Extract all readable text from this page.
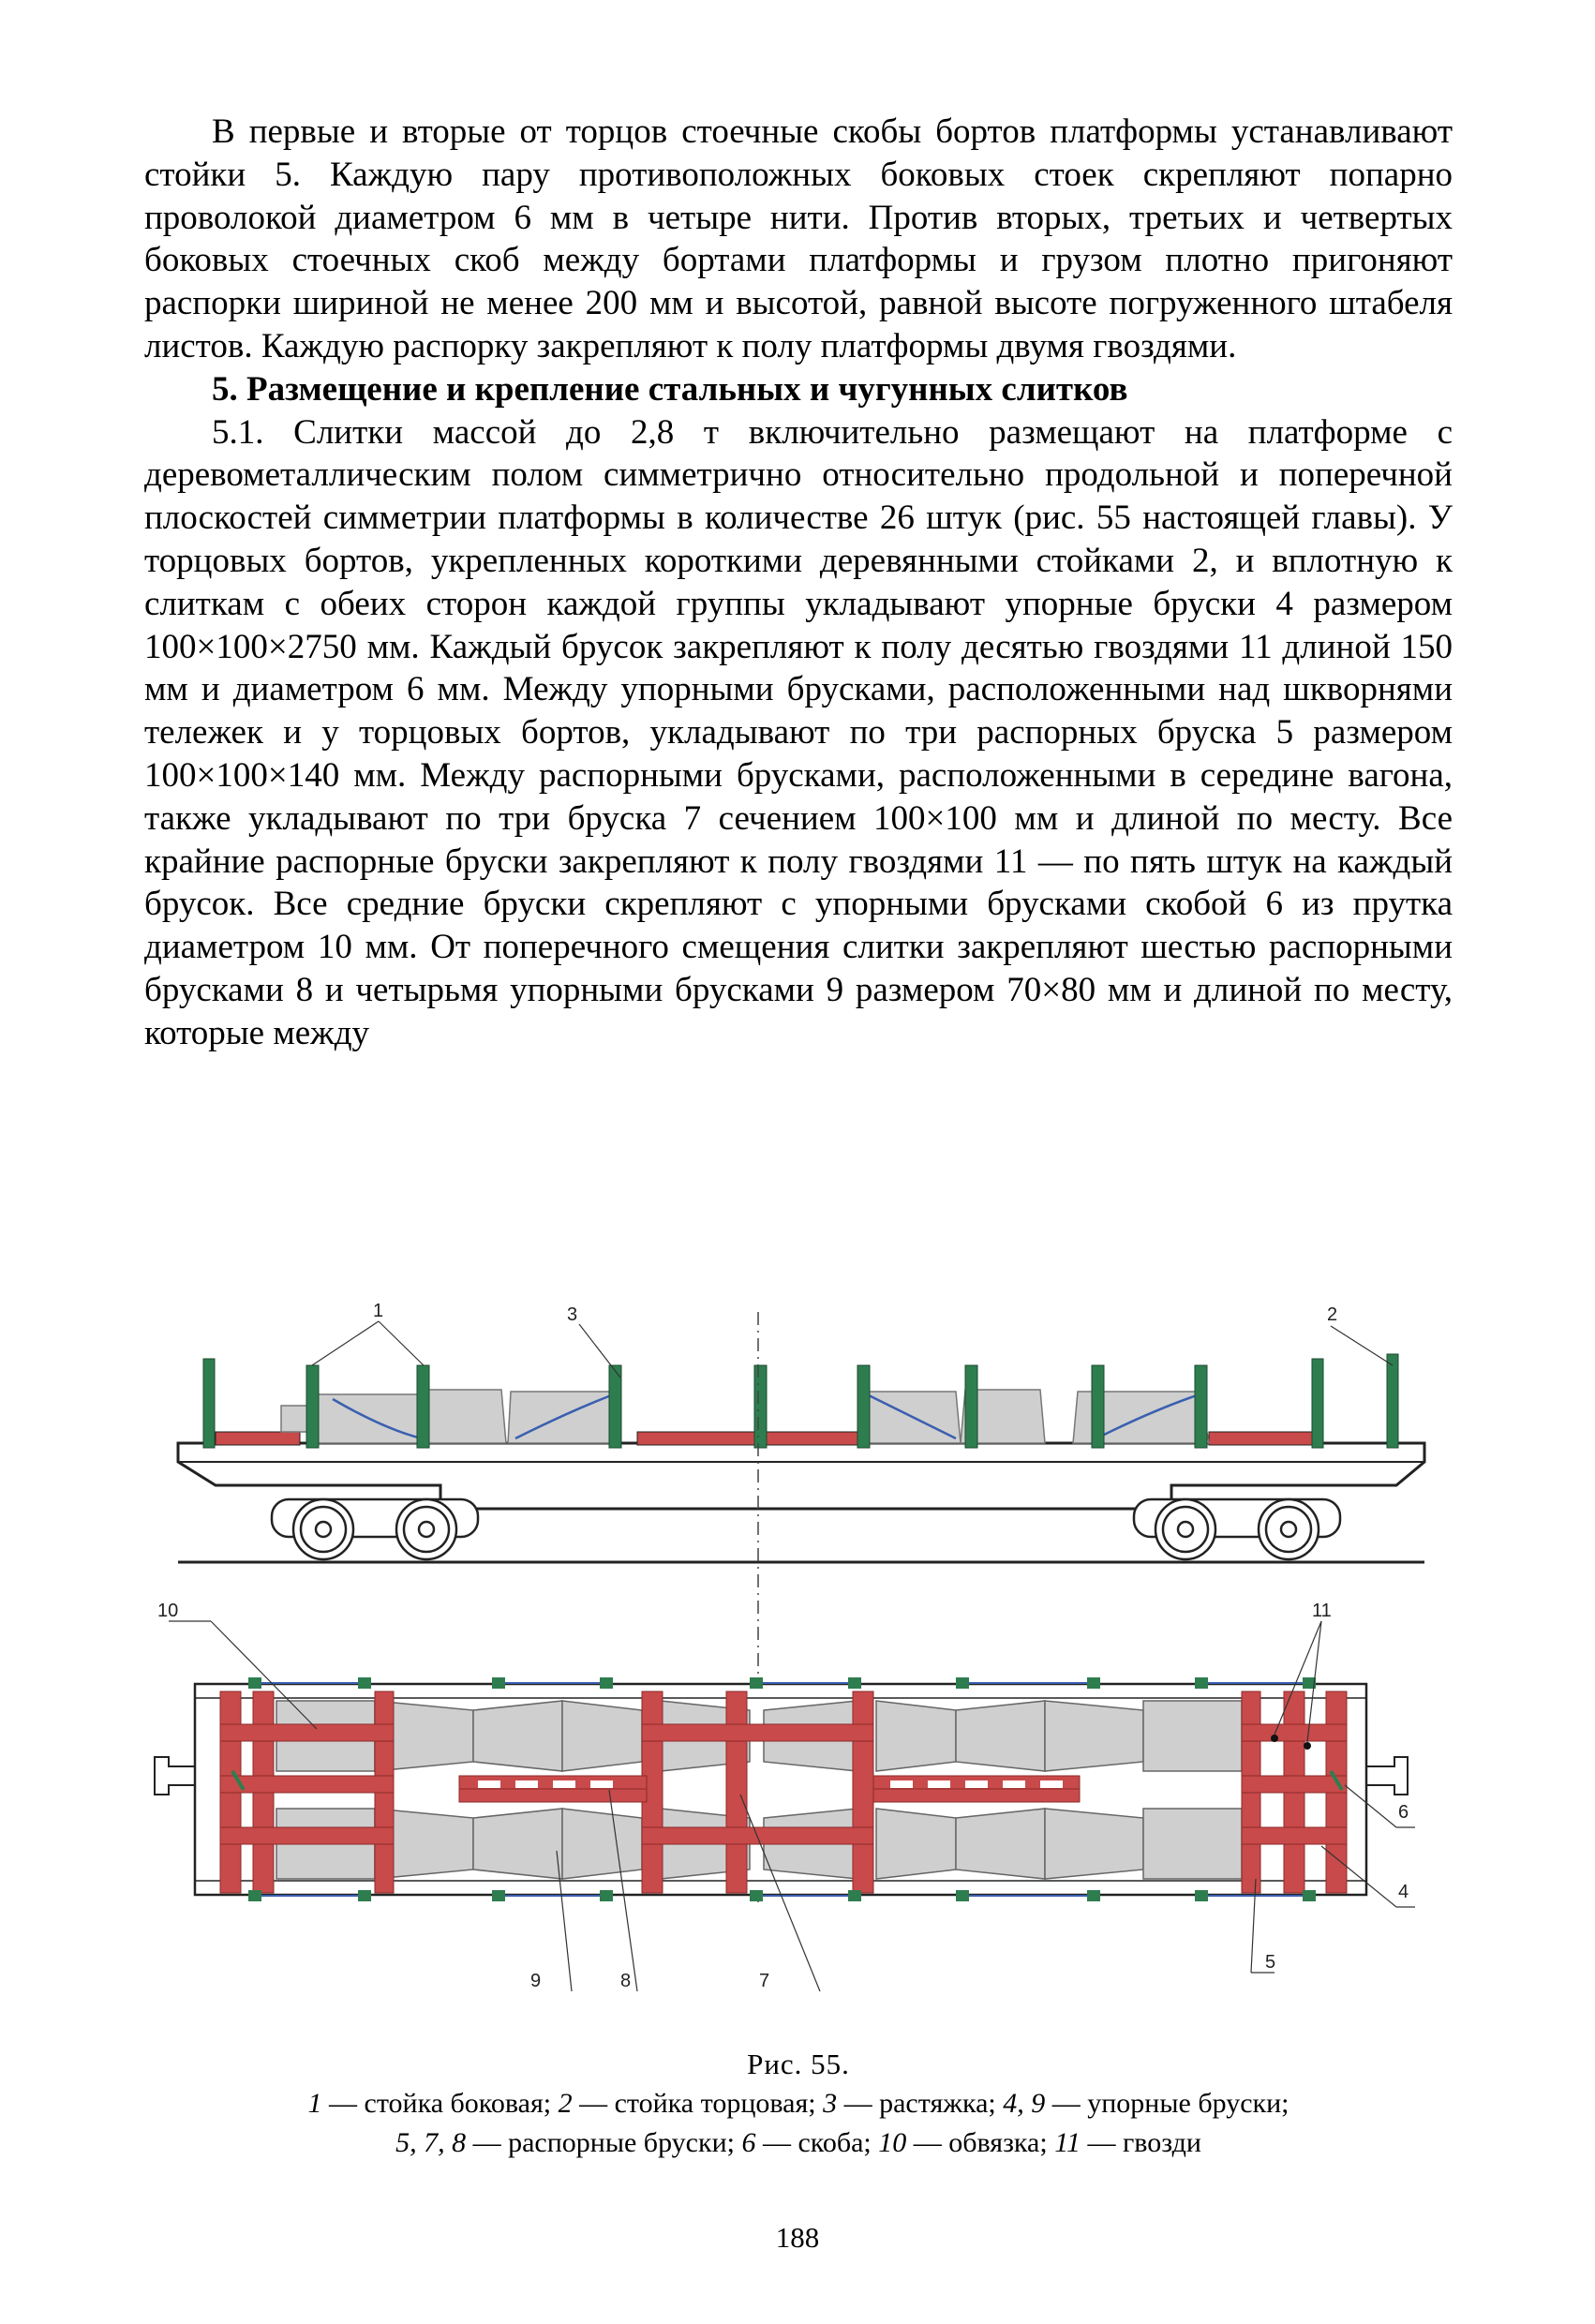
В первые и вторые от торцов стоечные скобы бортов платформы устанавливают стойки 5. Каждую пару противоположных боковых стоек скрепляют попарно проволокой диаметром 6 мм в четыре нити. Против вторых, третьих и четвертых боковых стоечных скоб между бортами платформы и грузом плотно пригоняют распорки шириной не менее 200 мм и высотой, равной высоте погруженного штабеля листов. Каждую распорку закрепляют к полу платформы двумя гвоздями.

5. Размещение и крепление стальных и чугунных слитков

5.1. Слитки массой до 2,8 т включительно размещают на платформе с деревометаллическим полом симметрично относительно продольной и поперечной плоскостей симметрии платформы в количестве 26 штук (рис. 55 настоящей главы). У торцовых бортов, укрепленных короткими деревянными стойками 2, и вплотную к слиткам с обеих сторон каждой группы укладывают упорные бруски 4 размером 100×100×2750 мм. Каждый брусок закрепляют к полу десятью гвоздями 11 длиной 150 мм и диаметром 6 мм. Между упорными брусками, расположенными над шкворнями тележек и у торцовых бортов, укладывают по три распорных бруска 5 размером 100×100×140 мм. Между распорными брусками, расположенными в середине вагона, также укладывают по три бруска 7 сечением 100×100 мм и длиной по месту. Все крайние распорные бруски закрепляют к полу гвоздями 11 — по пять штук на каждый брусок. Все средние бруски скрепляют с упорными брусками скобой 6 из прутка диаметром 10 мм. От поперечного смещения слитки закрепляют шестью распорными брусками 8 и четырьмя упорными брусками 9 размером 70×80 мм и длиной по месту, которые между

1	3	2
10	11
6
4
5
9	8	7
Рис. 55.
1 — стойка боковая; 2 — стойка торцовая; 3 — растяжка; 4, 9 — упорные бруски;
5, 7, 8 — распорные бруски; 6 — скоба; 10 — обвязка; 11 — гвозди
188
